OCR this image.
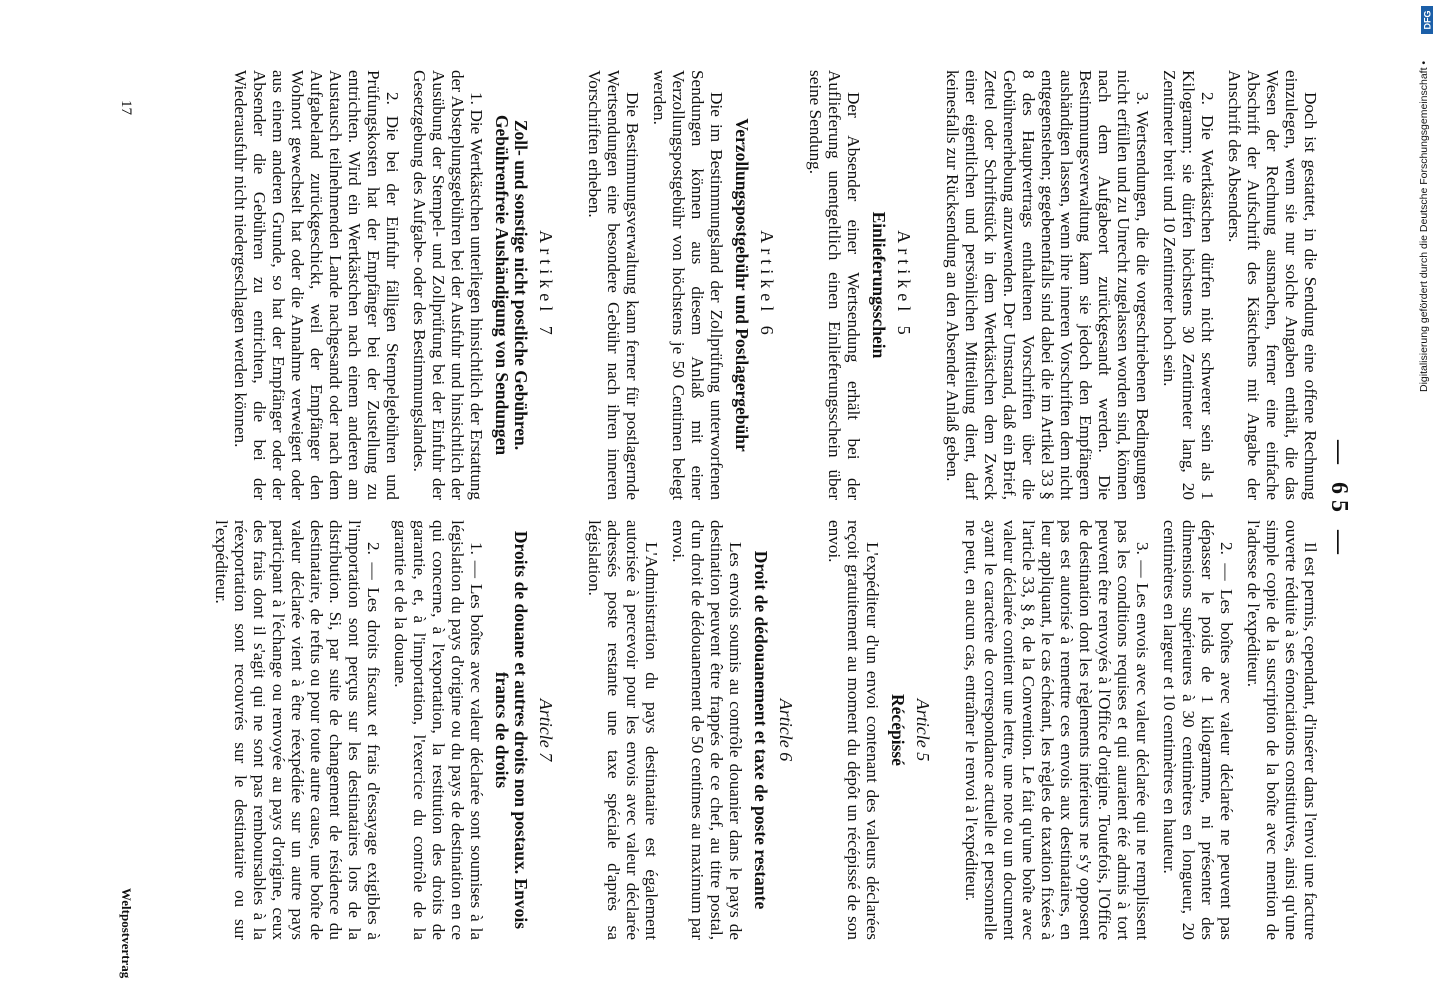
— 65 —

Il est permis, cependant, d'insérer dans l'envoi une facture ouverte réduite à ses énonciations constitutives, ainsi qu'une simple copie de la suscription de la boîte avec mention de l'adresse de l'expéditeur.

2. — Les boîtes avec valeur déclarée ne peuvent pas dépasser le poids de 1 kilogramme, ni présenter des dimensions supérieures à 30 centimètres en longueur, 20 centimètres en largeur et 10 centimètres en hauteur.

3. — Les envois avec valeur déclarée qui ne remplissent pas les conditions requises et qui auraient été admis à tort peuvent être renvoyés à l'Office d'origine. Toutefois, l'Office de destination dont les règlements intérieurs ne s'y opposent pas est autorisé à remettre ces envois aux destinataires, en leur appliquant, le cas échéant, les règles de taxation fixées à l'article 33, § 8, de la Convention. Le fait qu'une boîte avec valeur déclarée contient une lettre, une note ou un document ayant le caractère de correspondance actuelle et personnelle ne peut, en aucun cas, entraîner le renvoi à l'expéditeur.

Article 5
Récépissé

L'expéditeur d'un envoi contenant des valeurs déclarées reçoit gratuitement au moment du dépôt un récépissé de son envoi.

Article 6
Droit de dédouanement et taxe de poste restante

Les envois soumis au contrôle douanier dans le pays de destination peuvent être frappés de ce chef, au titre postal, d'un droit de dédouanement de 50 centimes au maximum par envoi.

L'Administration du pays destinataire est également autorisée à percevoir pour les envois avec valeur déclarée adressés poste restante une taxe spéciale d'après sa législation.

Article 7
Droits de douane et autres droits non postaux. Envois francs de droits

1. — Les boîtes avec valeur déclarée sont soumises à la législation du pays d'origine ou du pays de destination en ce qui concerne, à l'exportation, la restitution des droits de garantie, et, à l'importation, l'exercice du contrôle de la garantie et de la douane.

2. — Les droits fiscaux et frais d'essayage exigibles à l'importation sont perçus sur les destinataires lors de la distribution. Si, par suite de changement de résidence du destinataire, de refus ou pour toute autre cause, une boîte de valeur déclarée vient à être réexpédiée sur un autre pays participant à l'échange ou renvoyée au pays d'origine, ceux des frais dont il s'agit qui ne sont pas remboursables à la réexportation sont recouvrés sur le destinataire ou sur l'expéditeur.

Doch ist gestattet, in die Sendung eine offene Rechnung einzulegen, wenn sie nur solche Angaben enthält, die das Wesen der Rechnung ausmachen, ferner eine einfache Abschrift der Aufschrift des Kästchens mit Angabe der Anschrift des Absenders.

2. Die Wertkästchen dürfen nicht schwerer sein als 1 Kilogramm; sie dürfen höchstens 30 Zentimeter lang, 20 Zentimeter breit und 10 Zentimeter hoch sein.

3. Wertsendungen, die die vorgeschriebenen Bedingungen nicht erfüllen und zu Unrecht zugelassen worden sind, können nach dem Aufgabeort zurückgesandt werden. Die Bestimmungsverwaltung kann sie jedoch den Empfängern aushändigen lassen, wenn ihre inneren Vorschriften dem nicht entgegenstehen; gegebenenfalls sind dabei die im Artikel 33 § 8 des Hauptvertrags enthaltenen Vorschriften über die Gebührenerhebung anzuwenden. Der Umstand, daß ein Brief, Zettel oder Schriftstück in dem Wertkästchen dem Zweck einer eigentlichen und persönlichen Mitteilung dient, darf keinesfalls zur Rücksendung an den Absender Anlaß geben.

Artikel 5
Einlieferungsschein

Der Absender einer Wertsendung erhält bei der Auflieferung unentgeltlich einen Einlieferungsschein über seine Sendung.

Artikel 6
Verzollungspostgebühr und Postlagergebühr

Die im Bestimmungsland der Zollprüfung unterworfenen Sendungen können aus diesem Anlaß mit einer Verzollungspostgebühr von höchstens je 50 Centimen belegt werden.

Die Bestimmungsverwaltung kann ferner für postlagernde Wertsendungen eine besondere Gebühr nach ihren inneren Vorschriften erheben.

Artikel 7
Zoll- und sonstige nicht postliche Gebühren. Gebührenfreie Aushändigung von Sendungen

1. Die Wertkästchen unterliegen hinsichtlich der Erstattung der Absteplungsgebühren bei der Ausfuhr und hinsichtlich der Ausübung der Stempel- und Zollprüfung bei der Einfuhr der Gesetzgebung des Aufgabe- oder des Bestimmungslandes.

2. Die bei der Einfuhr fälligen Stempelgebühren und Prüfungskosten hat der Empfänger bei der Zustellung zu entrichten. Wird ein Wertkästchen nach einem anderen am Austausch teilnehmenden Lande nachgesandt oder nach dem Aufgabeland zurückgeschickt, weil der Empfänger den Wohnort gewechselt hat oder die Annahme verweigert oder aus einem anderen Grunde, so hat der Empfänger oder der Absender die Gebühren zu entrichten, die bei der Wiederausfuhr nicht niedergeschlagen werden können.

Weltpostvertrag
17
DFG
Digitalisierung gefördert durch die Deutsche Forschungsgemeinschaft •
